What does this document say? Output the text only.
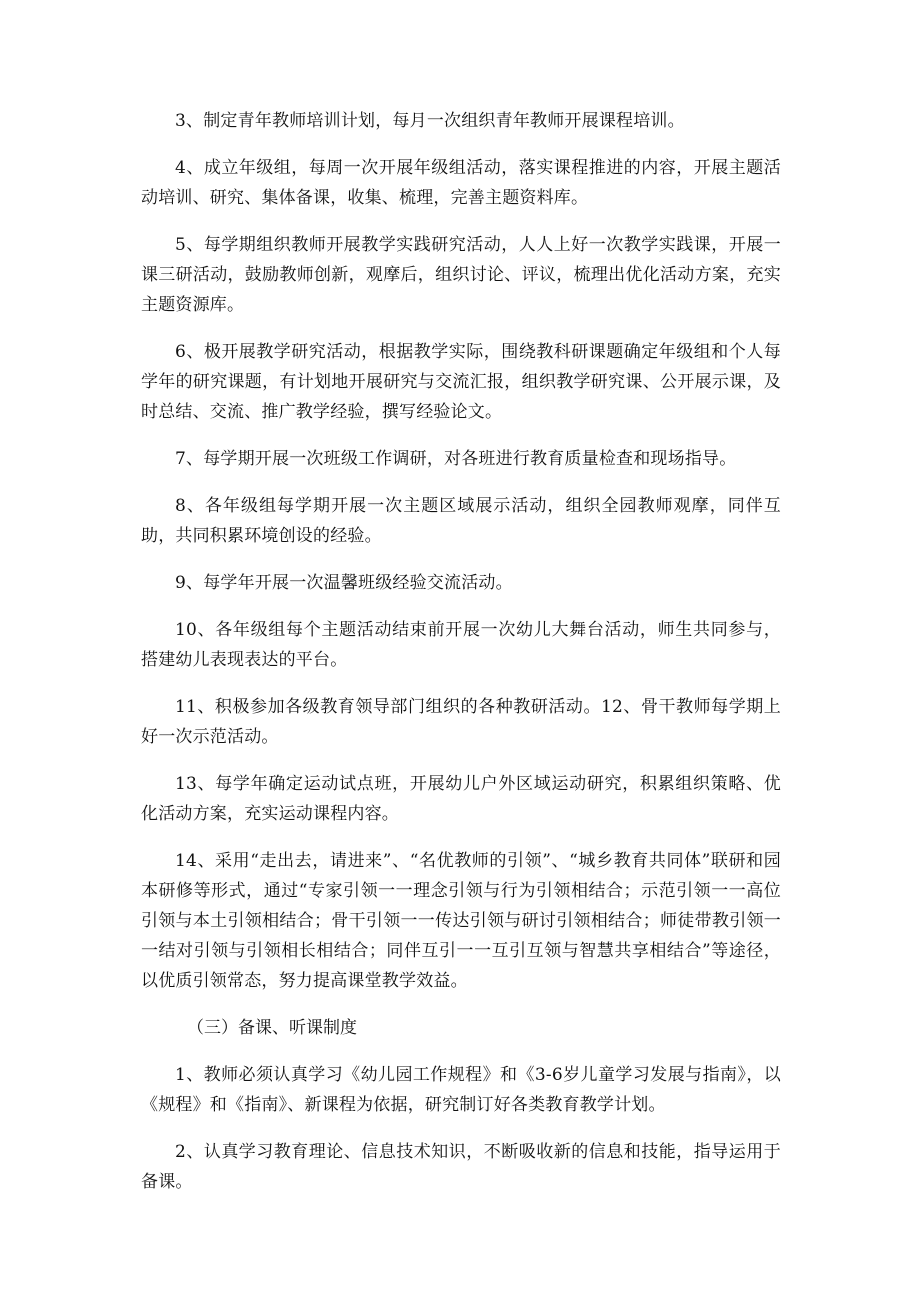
3、制定青年教师培训计划，每月一次组织青年教师开展课程培训。

4、成立年级组，每周一次开展年级组活动，落实课程推进的内容，开展主题活动培训、研究、集体备课，收集、梳理，完善主题资料库。

5、每学期组织教师开展教学实践研究活动，人人上好一次教学实践课，开展一课三研活动，鼓励教师创新，观摩后，组织讨论、评议，梳理出优化活动方案，充实主题资源库。

6、极开展教学研究活动，根据教学实际，围绕教科研课题确定年级组和个人每学年的研究课题，有计划地开展研究与交流汇报，组织教学研究课、公开展示课，及时总结、交流、推广教学经验，撰写经验论文。

7、每学期开展一次班级工作调研，对各班进行教育质量检查和现场指导。

8、各年级组每学期开展一次主题区域展示活动，组织全园教师观摩，同伴互助，共同积累环境创设的经验。

9、每学年开展一次温馨班级经验交流活动。

10、各年级组每个主题活动结束前开展一次幼儿大舞台活动，师生共同参与，搭建幼儿表现表达的平台。

11、积极参加各级教育领导部门组织的各种教研活动。12、骨干教师每学期上好一次示范活动。

13、每学年确定运动试点班，开展幼儿户外区域运动研究，积累组织策略、优化活动方案，充实运动课程内容。

14、采用“走出去，请进来”、“名优教师的引领”、“城乡教育共同体”联研和园本研修等形式，通过“专家引领一一理念引领与行为引领相结合；示范引领一一高位引领与本土引领相结合；骨干引领一一传达引领与研讨引领相结合；师徒带教引领一一结对引领与引领相长相结合；同伴互引一一互引互领与智慧共享相结合”等途径，以优质引领常态，努力提高课堂教学效益。

（三）备课、听课制度

1、教师必须认真学习《幼儿园工作规程》和《3-6岁儿童学习发展与指南》，以《规程》和《指南》、新课程为依据，研究制订好各类教育教学计划。

2、认真学习教育理论、信息技术知识，不断吸收新的信息和技能，指导运用于备课。
